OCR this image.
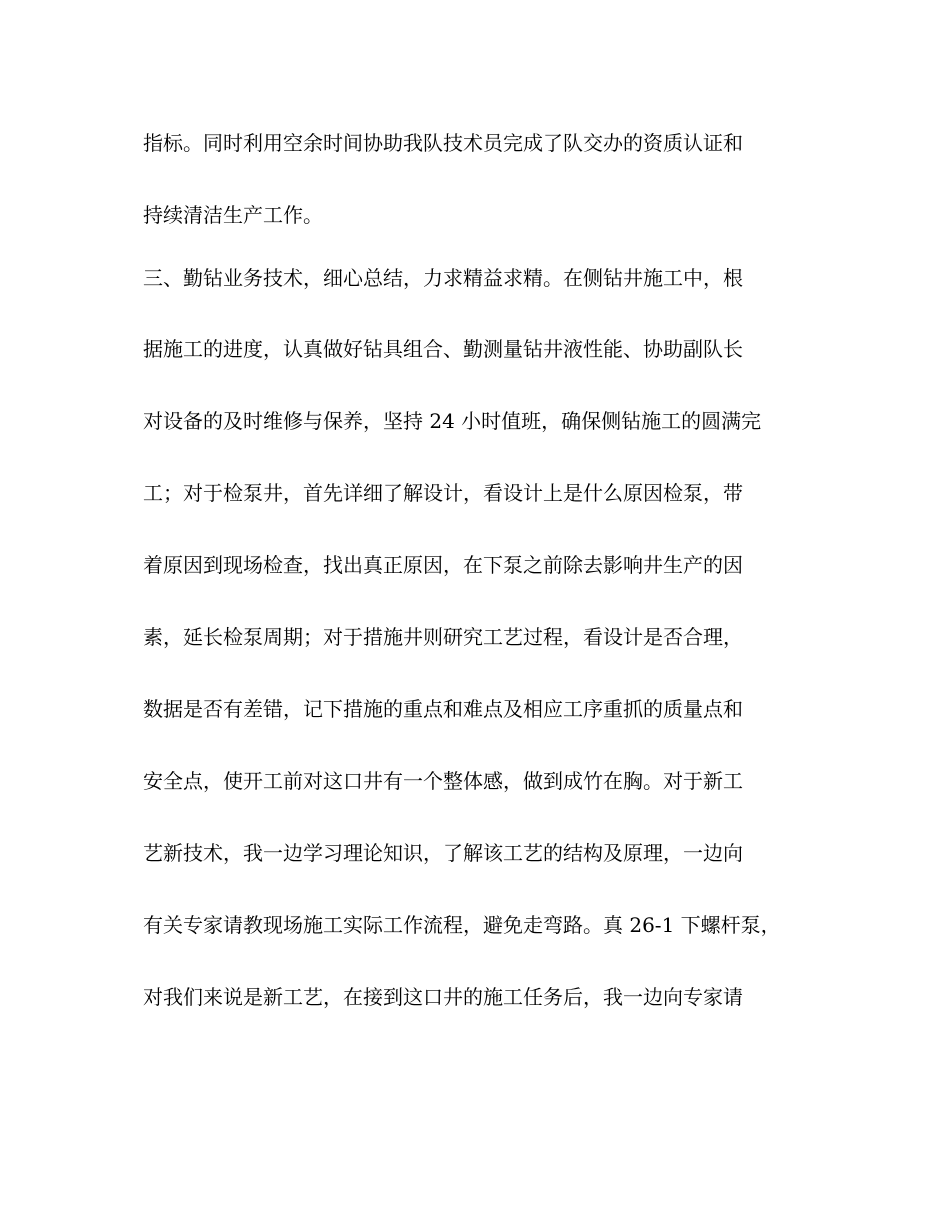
指标。同时利用空余时间协助我队技术员完成了队交办的资质认证和
持续清洁生产工作。
三、勤钻业务技术，细心总结，力求精益求精。在侧钻井施工中，根
据施工的进度，认真做好钻具组合、勤测量钻井液性能、协助副队长
对设备的及时维修与保养，坚持 24 小时值班，确保侧钻施工的圆满完
工；对于检泵井，首先详细了解设计，看设计上是什么原因检泵，带
着原因到现场检查，找出真正原因，在下泵之前除去影响井生产的因
素，延长检泵周期；对于措施井则研究工艺过程，看设计是否合理，
数据是否有差错，记下措施的重点和难点及相应工序重抓的质量点和
安全点，使开工前对这口井有一个整体感，做到成竹在胸。对于新工
艺新技术，我一边学习理论知识，了解该工艺的结构及原理，一边向
有关专家请教现场施工实际工作流程，避免走弯路。真 26-1 下螺杆泵，
对我们来说是新工艺，在接到这口井的施工任务后，我一边向专家请
